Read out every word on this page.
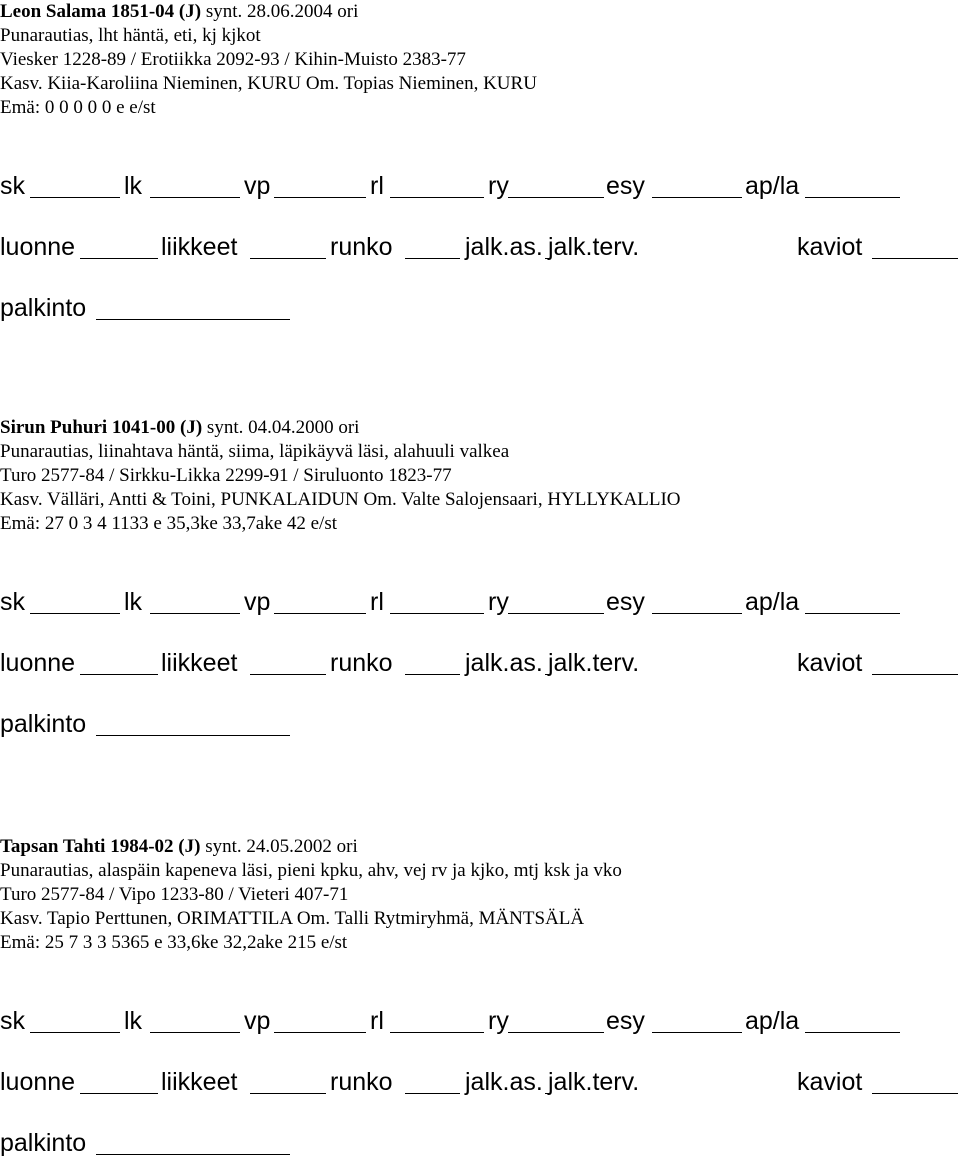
Leon Salama 1851-04 (J) synt. 28.06.2004 ori
Punarautias, lht häntä, eti, kj kjkot
Viesker 1228-89 / Erotiikka 2092-93 / Kihin-Muisto 2383-77
Kasv. Kiia-Karoliina Nieminen, KURU Om. Topias Nieminen, KURU
Emä: 0 0 0 0 0 e e/st
sk	lk	vp	rl	ry	esy	ap/la
luonne	liikkeet	runko	jalk.as. jalk.terv.	kaviot
palkinto
Sirun Puhuri 1041-00 (J) synt. 04.04.2000 ori
Punarautias, liinahtava häntä, siima, läpikäyvä läsi, alahuuli valkea
Turo 2577-84 / Sirkku-Likka 2299-91 / Siruluonto 1823-77
Kasv. Välläri, Antti & Toini, PUNKALAIDUN Om. Valte Salojensaari, HYLLYKALLIO
Emä: 27 0 3 4 1133 e 35,3ke 33,7ake 42 e/st
sk	lk	vp	rl	ry	esy	ap/la
luonne	liikkeet	runko	jalk.as. jalk.terv.	kaviot
palkinto
Tapsan Tahti 1984-02 (J) synt. 24.05.2002 ori
Punarautias, alaspäin kapeneva läsi, pieni kpku, ahv, vej rv ja kjko, mtj ksk ja vko
Turo 2577-84 / Vipo 1233-80 / Vieteri 407-71
Kasv. Tapio Perttunen, ORIMATTILA Om. Talli Rytmiryhmä, MÄNTSÄLÄ
Emä: 25 7 3 3 5365 e 33,6ke 32,2ake 215 e/st
sk	lk	vp	rl	ry	esy	ap/la
luonne	liikkeet	runko	jalk.as. jalk.terv.	kaviot
palkinto
